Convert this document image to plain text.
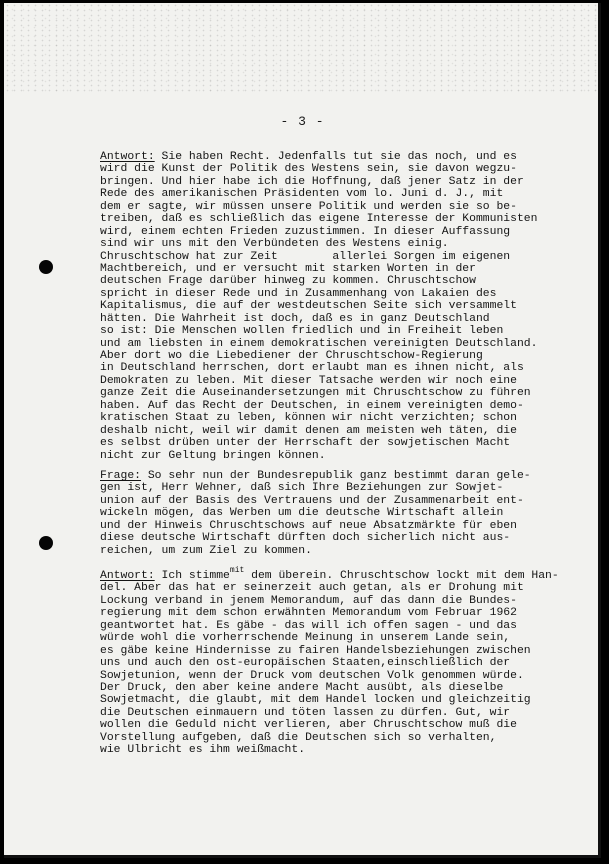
- 3 -
Antwort: Sie haben Recht. Jedenfalls tut sie das noch, und es
wird die Kunst der Politik des Westens sein, sie davon wegzu-
bringen. Und hier habe ich die Hoffnung, daß jener Satz in der
Rede des amerikanischen Präsidenten vom lo. Juni d. J., mit
dem er sagte, wir müssen unsere Politik und werden sie so be-
treiben, daß es schließlich das eigene Interesse der Kommunisten
wird, einem echten Frieden zuzustimmen. In dieser Auffassung
sind wir uns mit den Verbündeten des Westens einig.
Chruschtschow hat zur Zeit        allerlei Sorgen im eigenen
Machtbereich, und er versucht mit starken Worten in der
deutschen Frage darüber hinweg zu kommen. Chruschtschow
spricht in dieser Rede und in Zusammenhang von Lakaien des
Kapitalismus, die auf der westdeutschen Seite sich versammelt
hätten. Die Wahrheit ist doch, daß es in ganz Deutschland
so ist: Die Menschen wollen friedlich und in Freiheit leben
und am liebsten in einem demokratischen vereinigten Deutschland.
Aber dort wo die Liebediener der Chruschtschow-Regierung
in Deutschland herrschen, dort erlaubt man es ihnen nicht, als
Demokraten zu leben. Mit dieser Tatsache werden wir noch eine
ganze Zeit die Auseinandersetzungen mit Chruschtschow zu führen
haben. Auf das Recht der Deutschen, in einem vereinigten demo-
kratischen Staat zu leben, können wir nicht verzichten; schon
deshalb nicht, weil wir damit denen am meisten weh täten, die
es selbst drüben unter der Herrschaft der sowjetischen Macht
nicht zur Geltung bringen können.
Frage: So sehr nun der Bundesrepublik ganz bestimmt daran gele-
gen ist, Herr Wehner, daß sich Ihre Beziehungen zur Sowjet-
union auf der Basis des Vertrauens und der Zusammenarbeit ent-
wickeln mögen, das Werben um die deutsche Wirtschaft allein
und der Hinweis Chruschtschows auf neue Absatzmärkte für eben
diese deutsche Wirtschaft dürften doch sicherlich nicht aus-
reichen, um zum Ziel zu kommen.
Antwort: Ich stimme$^{mit}$ dem überein. Chruschtschow lockt mit dem Han-
del. Aber das hat er seinerzeit auch getan, als er Drohung mit
Lockung verband in jenem Memorandum, auf das dann die Bundes-
regierung mit dem schon erwähnten Memorandum vom Februar 1962
geantwortet hat. Es gäbe - das will ich offen sagen - und das
würde wohl die vorherrschende Meinung in unserem Lande sein,
es gäbe keine Hindernisse zu fairen Handelsbeziehungen zwischen
uns und auch den ost-europäischen Staaten,einschließlich der
Sowjetunion, wenn der Druck vom deutschen Volk genommen würde.
Der Druck, den aber keine andere Macht ausübt, als dieselbe
Sowjetmacht, die glaubt, mit dem Handel locken und gleichzeitig
die Deutschen einmauern und töten lassen zu dürfen. Gut, wir
wollen die Geduld nicht verlieren, aber Chruschtschow muß die
Vorstellung aufgeben, daß die Deutschen sich so verhalten,
wie Ulbricht es ihm weißmacht.
